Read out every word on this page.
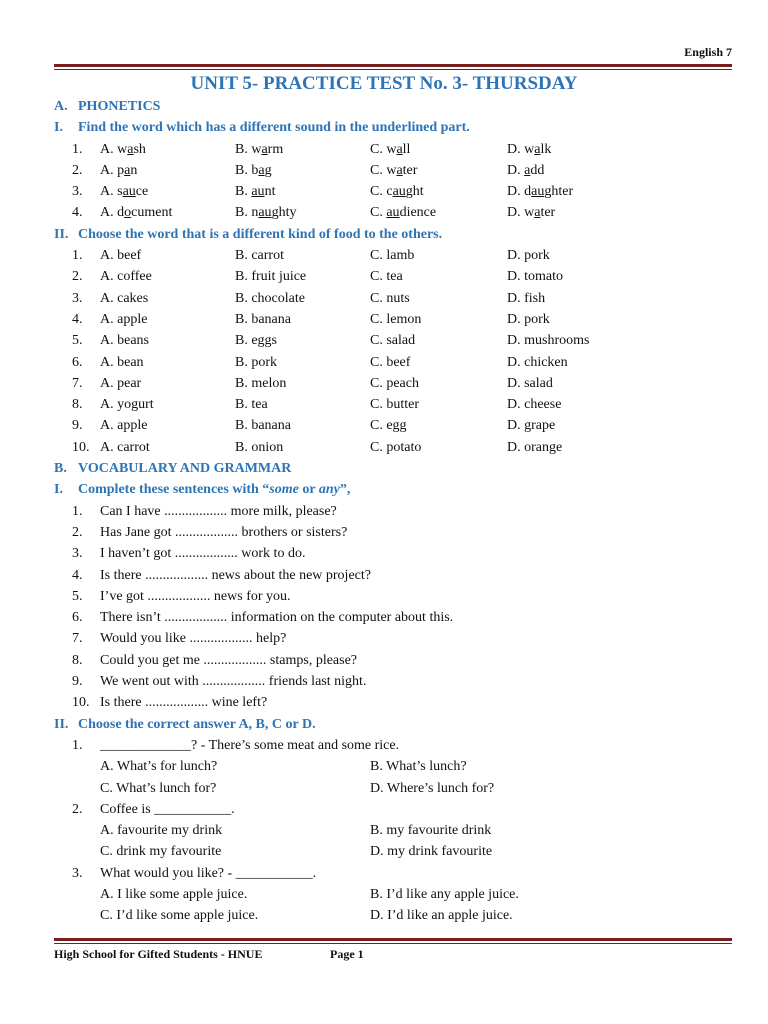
English 7
UNIT 5- PRACTICE TEST No. 3- THURSDAY
A. PHONETICS
I. Find the word which has a different sound in the underlined part.
1.	A. wash	B. warm	C. wall	D. walk
2.	A. pan	B. bag	C. water	D. add
3.	A. sauce	B. aunt	C. caught	D. daughter
4.	A. document	B. naughty	C. audience	D. water
II. Choose the word that is a different kind of food to the others.
1.	A. beef	B. carrot	C. lamb	D. pork
2.	A. coffee	B. fruit juice	C. tea	D. tomato
3.	A. cakes	B. chocolate	C. nuts	D. fish
4.	A. apple	B. banana	C. lemon	D. pork
5.	A. beans	B. eggs	C. salad	D. mushrooms
6.	A. bean	B. pork	C. beef	D. chicken
7.	A. pear	B. melon	C. peach	D. salad
8.	A. yogurt	B. tea	C. butter	D. cheese
9.	A. apple	B. banana	C. egg	D. grape
10. A. carrot	B. onion	C. potato	D. orange
B. VOCABULARY AND GRAMMAR
I. Complete these sentences with “some or any”,
1.	Can I have .................. more milk, please?
2.	Has Jane got .................. brothers or sisters?
3.	I haven’t got .................. work to do.
4.	Is there .................. news about the new project?
5.	I’ve got .................. news for you.
6.	There isn’t .................. information on the computer about this.
7.	Would you like .................. help?
8.	Could you get me .................. stamps, please?
9.	We went out with .................. friends last night.
10. Is there .................. wine left?
II. Choose the correct answer A, B, C or D.
1.	_____________? - There’s some meat and some rice.
A. What’s for lunch?	B. What’s lunch?
C. What’s lunch for?	D. Where’s lunch for?
2.	Coffee is ___________.
A. favourite my drink	B. my favourite drink
C. drink my favourite	D. my drink favourite
3.	What would you like? - ___________.
A. I like some apple juice.	B. I’d like any apple juice.
C. I’d like some apple juice.	D. I’d like an apple juice.
High School for Gifted Students - HNUE	Page 1
